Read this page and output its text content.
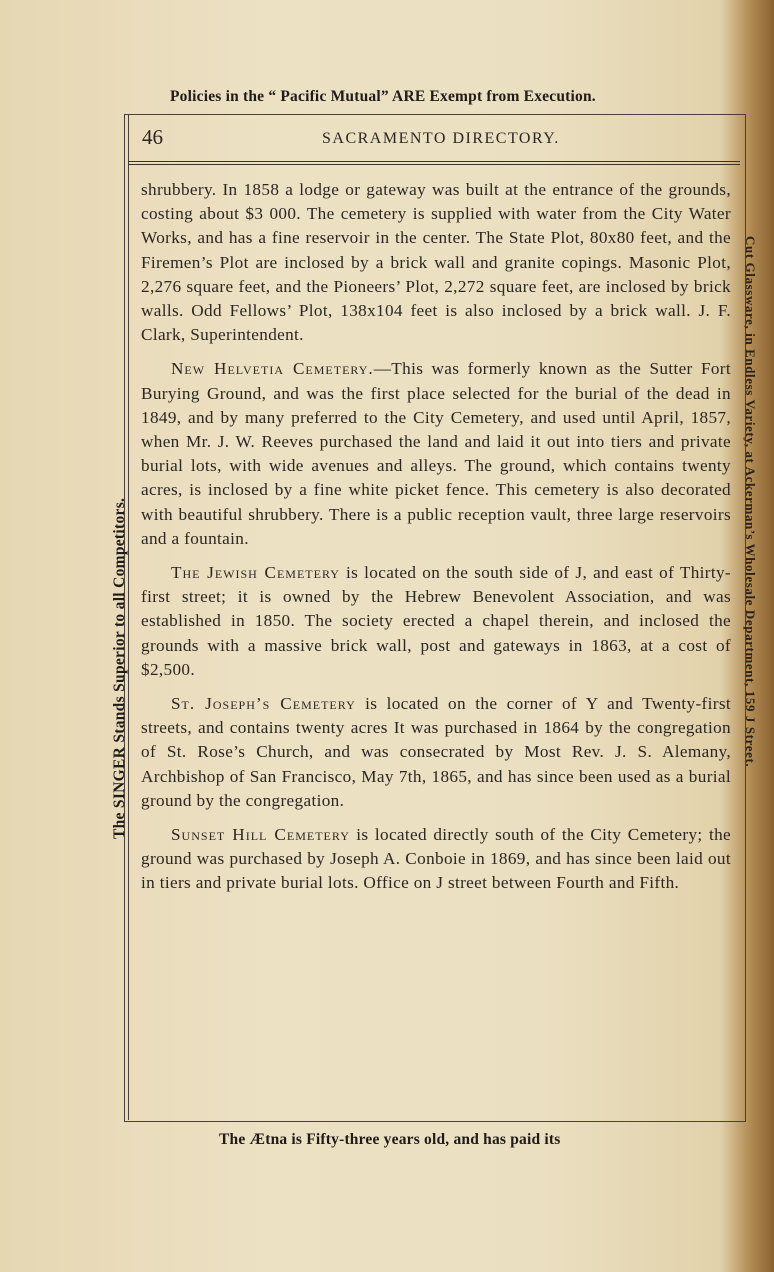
Policies in the “ Pacific Mutual” ARE Exempt from Execution.
46	SACRAMENTO DIRECTORY.

shrubbery. In 1858 a lodge or gateway was built at the entrance of the grounds, costing about $3 000. The cemetery is supplied with water from the City Water Works, and has a fine reservoir in the center. The State Plot, 80x80 feet, and the Firemen’s Plot are inclosed by a brick wall and granite copings. Masonic Plot, 2,276 square feet, and the Pioneers’ Plot, 2,272 square feet, are inclosed by brick walls. Odd Fellows’ Plot, 138x104 feet is also inclosed by a brick wall. J. F. Clark, Superintendent.

New Helvetia Cemetery.—This was formerly known as the Sutter Fort Burying Ground, and was the first place selected for the burial of the dead in 1849, and by many preferred to the City Cemetery, and used until April, 1857, when Mr. J. W. Reeves purchased the land and laid it out into tiers and private burial lots, with wide avenues and alleys. The ground, which contains twenty acres, is inclosed by a fine white picket fence. This cemetery is also decorated with beautiful shrubbery. There is a public reception vault, three large reservoirs and a fountain.

The Jewish Cemetery is located on the south side of J, and east of Thirty-first street; it is owned by the Hebrew Benevolent Association, and was established in 1850. The society erected a chapel therein, and inclosed the grounds with a massive brick wall, post and gateways in 1863, at a cost of $2,500.

St. Joseph’s Cemetery is located on the corner of Y and Twenty-first streets, and contains twenty acres It was purchased in 1864 by the congregation of St. Rose’s Church, and was consecrated by Most Rev. J. S. Alemany, Archbishop of San Francisco, May 7th, 1865, and has since been used as a burial ground by the congregation.

Sunset Hill Cemetery is located directly south of the City Cemetery; the ground was purchased by Joseph A. Conboie in 1869, and has since been laid out in tiers and private burial lots. Office on J street between Fourth and Fifth.

The SINGER Stands Superior to all Competitors.	Cut Glassware, in Endless Variety, at Ackerman’s Wholesale Department, 159 J Street.
The Ætna is Fifty-three years old, and has paid its
